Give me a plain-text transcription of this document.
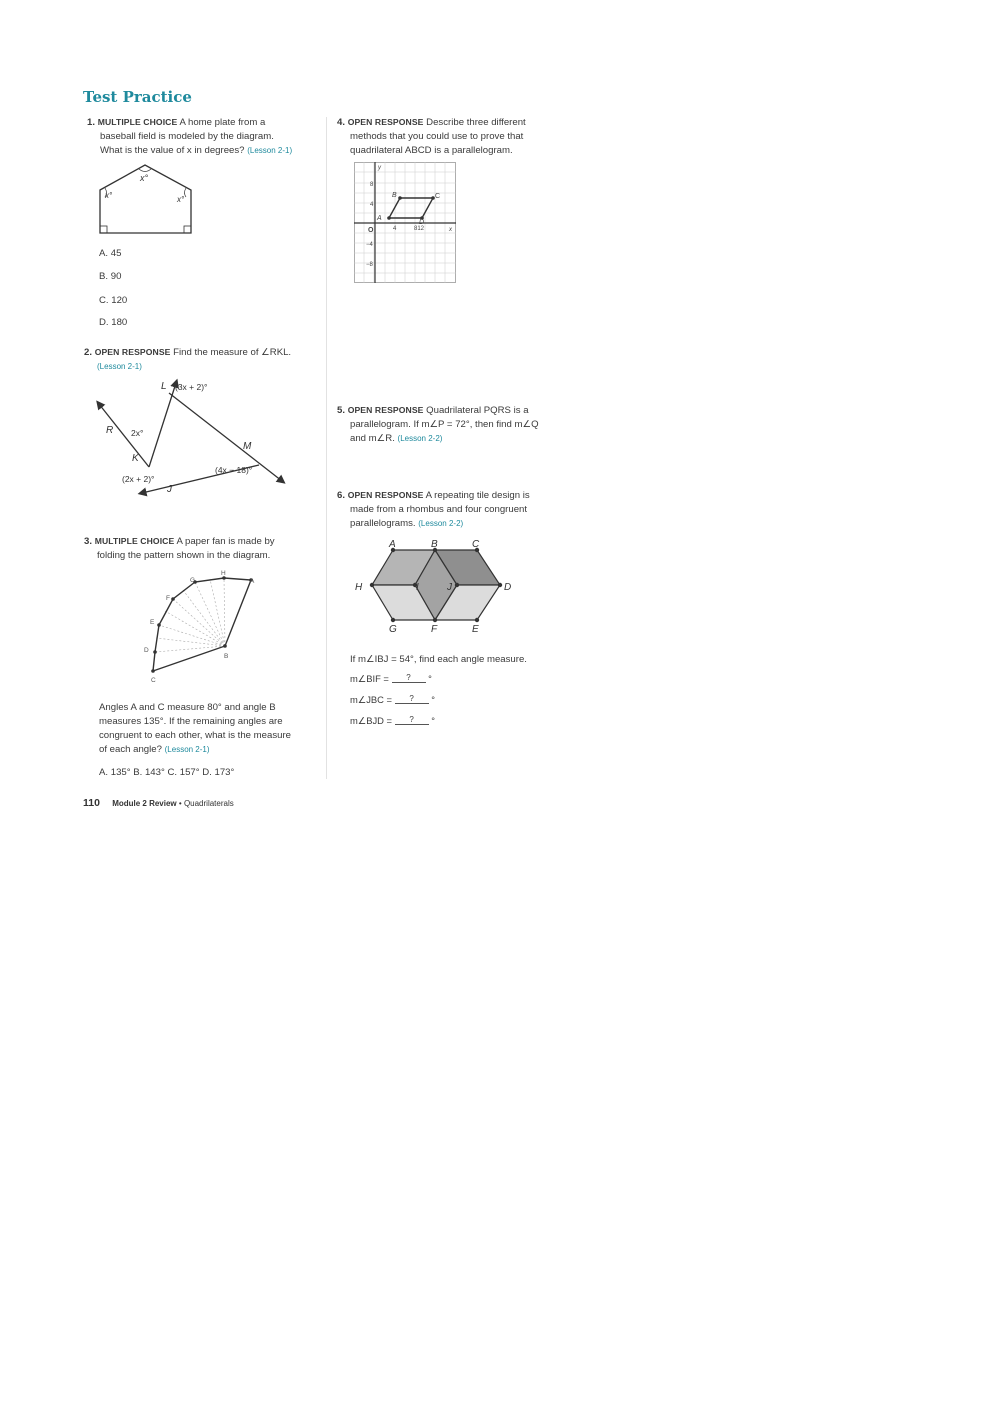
Test Practice
1. MULTIPLE CHOICE A home plate from a
baseball field is modeled by the diagram.
What is the value of x in degrees? (Lesson 2-1)
x°
x°	x°
A. 45
B. 90
C. 120
D. 180
2. OPEN RESPONSE Find the measure of ∠RKL.
(Lesson 2-1)
L (3x + 2)°
R 2x°
M
K
(4x − 18)°
(2x + 2)°
J
3. MULTIPLE CHOICE A paper fan is made by
folding the pattern shown in the diagram.
H
G	A
F
E
D
B
C
Angles A and C measure 80° and angle B
measures 135°. If the remaining angles are
congruent to each other, what is the measure
of each angle? (Lesson 2-1)
A. 135° B. 143° C. 157° D. 173°
4. OPEN RESPONSE Describe three different
methods that you could use to prove that
quadrilateral ABCD is a parallelogram.
y
x
O
8
4
−4
−8
4	812
A
B	C
D
5. OPEN RESPONSE Quadrilateral PQRS is a
parallelogram. If m∠P = 72°, then find m∠Q
and m∠R. (Lesson 2-2)
6. OPEN RESPONSE A repeating tile design is
made from a rhombus and four congruent
parallelograms. (Lesson 2-2)
A	B	C
H	I	J	D
G	F	E
If m∠IBJ = 54°, find each angle measure.
m∠BIF = ? °
m∠JBC = ? °
m∠BJD = ? °
110 Module 2 Review • Quadrilaterals
